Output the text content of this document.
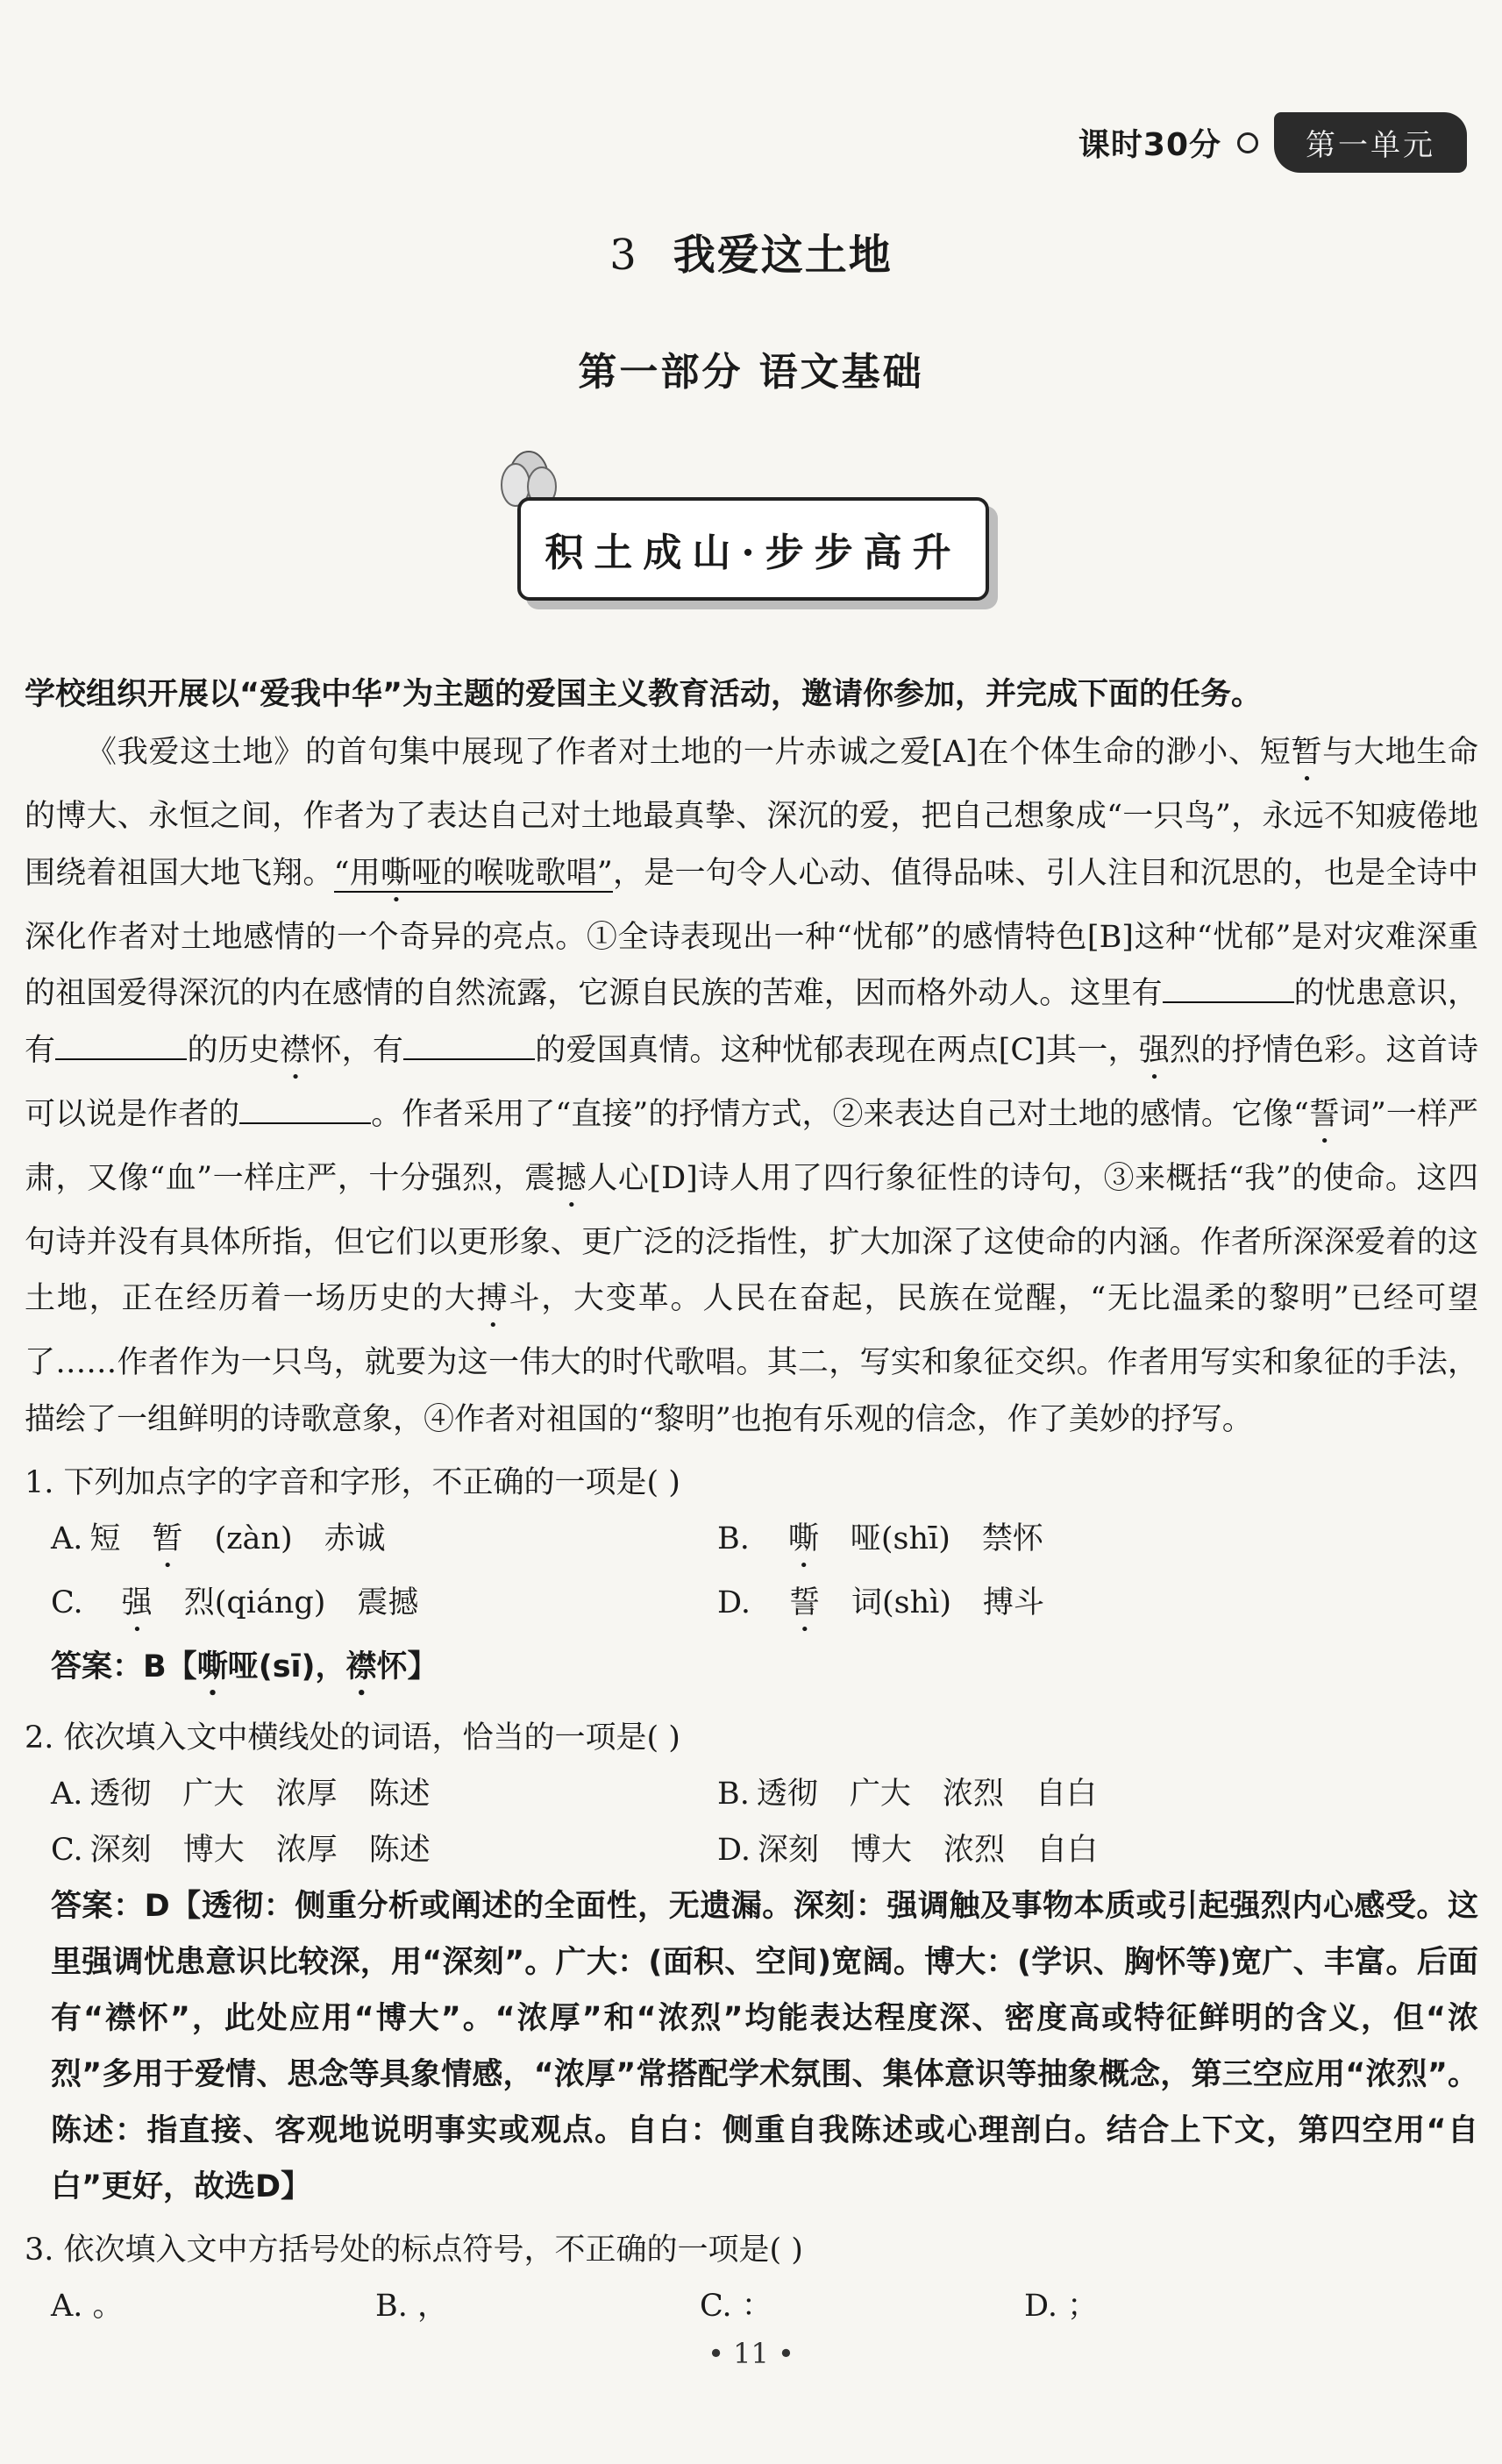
课时30分	第一单元
3 我爱这土地
第一部分 语文基础
积土成山·步步高升
学校组织开展以“爱我中华”为主题的爱国主义教育活动，邀请你参加，并完成下面的任务。
《我爱这土地》的首句集中展现了作者对土地的一片赤诚之爱[A]在个体生命的渺小、短暂与大地生命的博大、永恒之间，作者为了表达自己对土地最真挚、深沉的爱，把自己想象成“一只鸟”，永远不知疲倦地围绕着祖国大地飞翔。“用嘶哑的喉咙歌唱”，是一句令人心动、值得品味、引人注目和沉思的，也是全诗中深化作者对土地感情的一个奇异的亮点。①全诗表现出一种“忧郁”的感情特色[B]这种“忧郁”是对灾难深重的祖国爱得深沉的内在感情的自然流露，它源自民族的苦难，因而格外动人。这里有	的忧患意识，有	的历史襟怀，有	的爱国真情。这种忧郁表现在两点[C]其一，强烈的抒情色彩。这首诗可以说是作者的	。作者采用了“直接”的抒情方式，②来表达自己对土地的感情。它像“誓词”一样严肃，又像“血”一样庄严，十分强烈，震撼人心[D]诗人用了四行象征性的诗句，③来概括“我”的使命。这四句诗并没有具体所指，但它们以更形象、更广泛的泛指性，扩大加深了这使命的内涵。作者所深深爱着的这土地，正在经历着一场历史的大搏斗，大变革。人民在奋起，民族在觉醒，“无比温柔的黎明”已经可望了……作者作为一只鸟，就要为这一伟大的时代歌唱。其二，写实和象征交织。作者用写实和象征的手法，描绘了一组鲜明的诗歌意象，④作者对祖国的“黎明”也抱有乐观的信念，作了美妙的抒写。
1. 下列加点字的字音和字形，不正确的一项是( )
A. 短 暂 (zàn) 赤诚	B. 嘶 哑(shī) 禁怀
C. 强 烈(qiáng) 震撼	D. 誓 词(shì) 搏斗
答案：B【嘶哑(sī)，襟怀】
2. 依次填入文中横线处的词语，恰当的一项是( )
A. 透彻 广大 浓厚 陈述	B. 透彻 广大 浓烈 自白
C. 深刻 博大 浓厚 陈述	D. 深刻 博大 浓烈 自白
答案：D【透彻：侧重分析或阐述的全面性，无遗漏。深刻：强调触及事物本质或引起强烈内心感受。这里强调忧患意识比较深，用“深刻”。广大：(面积、空间)宽阔。博大：(学识、胸怀等)宽广、丰富。后面有“襟怀”，此处应用“博大”。“浓厚”和“浓烈”均能表达程度深、密度高或特征鲜明的含义，但“浓烈”多用于爱情、思念等具象情感，“浓厚”常搭配学术氛围、集体意识等抽象概念，第三空应用“浓烈”。陈述：指直接、客观地说明事实或观点。自白：侧重自我陈述或心理剖白。结合上下文，第四空用“自白”更好，故选D】
3. 依次填入文中方括号处的标点符号，不正确的一项是( )
A. 。	B. ，	C. ：	D. ；
• 11 •
